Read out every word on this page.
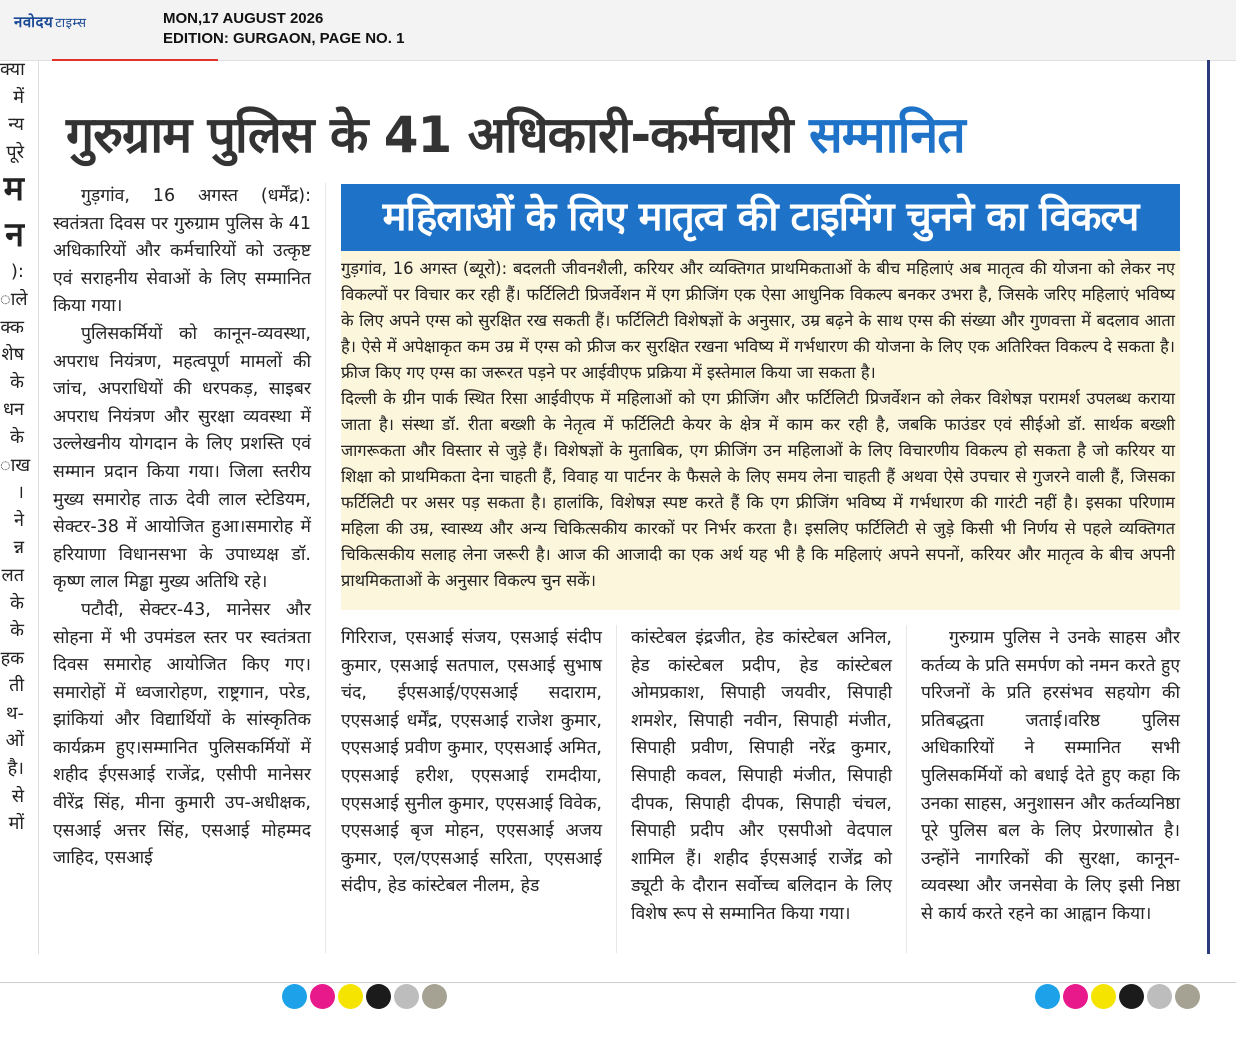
नवोदय टाइम्स	MON,17 AUGUST 2026
EDITION: GURGAON, PAGE NO. 1
क्या
में
न्य
पूरे
म
न
):
ाले
क्क
शेष
के
धन
के
ाख
।
ने
न्न
लत
के
के
हक
ती
थ-
ओं
है।
से
मों
गुरुग्राम पुलिस के 41 अधिकारी-कर्मचारी सम्मानित
महिलाओं के लिए मातृत्व की टाइमिंग चुनने का विकल्प

गुड़गांव, 16 अगस्त (ब्यूरो): बदलती जीवनशैली, करियर और व्यक्तिगत प्राथमिकताओं के बीच महिलाएं अब मातृत्व की योजना को लेकर नए विकल्पों पर विचार कर रही हैं। फर्टिलिटी प्रिजर्वेशन में एग फ्रीजिंग एक ऐसा आधुनिक विकल्प बनकर उभरा है, जिसके जरिए महिलाएं भविष्य के लिए अपने एग्स को सुरक्षित रख सकती हैं। फर्टिलिटी विशेषज्ञों के अनुसार, उम्र बढ़ने के साथ एग्स की संख्या और गुणवत्ता में बदलाव आता है। ऐसे में अपेक्षाकृत कम उम्र में एग्स को फ्रीज कर सुरक्षित रखना भविष्य में गर्भधारण की योजना के लिए एक अतिरिक्त विकल्प दे सकता है। फ्रीज किए गए एग्स का जरूरत पड़ने पर आईवीएफ प्रक्रिया में इस्तेमाल किया जा सकता है।

दिल्ली के ग्रीन पार्क स्थित रिसा आईवीएफ में महिलाओं को एग फ्रीजिंग और फर्टिलिटी प्रिजर्वेशन को लेकर विशेषज्ञ परामर्श उपलब्ध कराया जाता है। संस्था डॉ. रीता बख्शी के नेतृत्व में फर्टिलिटी केयर के क्षेत्र में काम कर रही है, जबकि फाउंडर एवं सीईओ डॉ. सार्थक बख्शी जागरूकता और विस्तार से जुड़े हैं। विशेषज्ञों के मुताबिक, एग फ्रीजिंग उन महिलाओं के लिए विचारणीय विकल्प हो सकता है जो करियर या शिक्षा को प्राथमिकता देना चाहती हैं, विवाह या पार्टनर के फैसले के लिए समय लेना चाहती हैं अथवा ऐसे उपचार से गुजरने वाली हैं, जिसका फर्टिलिटी पर असर पड़ सकता है। हालांकि, विशेषज्ञ स्पष्ट करते हैं कि एग फ्रीजिंग भविष्य में गर्भधारण की गारंटी नहीं है। इसका परिणाम महिला की उम्र, स्वास्थ्य और अन्य चिकित्सकीय कारकों पर निर्भर करता है। इसलिए फर्टिलिटी से जुड़े किसी भी निर्णय से पहले व्यक्तिगत चिकित्सकीय सलाह लेना जरूरी है। आज की आजादी का एक अर्थ यह भी है कि महिलाएं अपने सपनों, करियर और मातृत्व के बीच अपनी प्राथमिकताओं के अनुसार विकल्प चुन सकें।

गुड़गांव, 16 अगस्त (धर्मेंद्र): स्वतंत्रता दिवस पर गुरुग्राम पुलिस के 41 अधिकारियों और कर्मचारियों को उत्कृष्ट एवं सराहनीय सेवाओं के लिए सम्मानित किया गया।

पुलिसकर्मियों को कानून-व्यवस्था, अपराध नियंत्रण, महत्वपूर्ण मामलों की जांच, अपराधियों की धरपकड़, साइबर अपराध नियंत्रण और सुरक्षा व्यवस्था में उल्लेखनीय योगदान के लिए प्रशस्ति एवं सम्मान प्रदान किया गया। जिला स्तरीय मुख्य समारोह ताऊ देवी लाल स्टेडियम, सेक्टर-38 में आयोजित हुआ।समारोह में हरियाणा विधानसभा के उपाध्यक्ष डॉ. कृष्ण लाल मिड्ढा मुख्य अतिथि रहे।

पटौदी, सेक्टर-43, मानेसर और सोहना में भी उपमंडल स्तर पर स्वतंत्रता दिवस समारोह आयोजित किए गए। समारोहों में ध्वजारोहण, राष्ट्रगान, परेड, झांकियां और विद्यार्थियों के सांस्कृतिक कार्यक्रम हुए।सम्मानित पुलिसकर्मियों में शहीद ईएसआई राजेंद्र, एसीपी मानेसर वीरेंद्र सिंह, मीना कुमारी उप-अधीक्षक, एसआई अत्तर सिंह, एसआई मोहम्मद जाहिद, एसआई

गिरिराज, एसआई संजय, एसआई संदीप कुमार, एसआई सतपाल, एसआई सुभाष चंद, ईएसआई/एएसआई सदाराम, एएसआई धर्मेंद्र, एएसआई राजेश कुमार, एएसआई प्रवीण कुमार, एएसआई अमित, एएसआई हरीश, एएसआई रामदीया, एएसआई सुनील कुमार, एएसआई विवेक, एएसआई बृज मोहन, एएसआई अजय कुमार, एल/एएसआई सरिता, एएसआई संदीप, हेड कांस्टेबल नीलम, हेड

कांस्टेबल इंद्रजीत, हेड कांस्टेबल अनिल, हेड कांस्टेबल प्रदीप, हेड कांस्टेबल ओमप्रकाश, सिपाही जयवीर, सिपाही शमशेर, सिपाही नवीन, सिपाही मंजीत, सिपाही प्रवीण, सिपाही नरेंद्र कुमार, सिपाही कवल, सिपाही मंजीत, सिपाही दीपक, सिपाही दीपक, सिपाही चंचल, सिपाही प्रदीप और एसपीओ वेदपाल शामिल हैं। शहीद ईएसआई राजेंद्र को ड्यूटी के दौरान सर्वोच्च बलिदान के लिए विशेष रूप से सम्मानित किया गया।

गुरुग्राम पुलिस ने उनके साहस और कर्तव्य के प्रति समर्पण को नमन करते हुए परिजनों के प्रति हरसंभव सहयोग की प्रतिबद्धता जताई।वरिष्ठ पुलिस अधिकारियों ने सम्मानित सभी पुलिसकर्मियों को बधाई देते हुए कहा कि उनका साहस, अनुशासन और कर्तव्यनिष्ठा पूरे पुलिस बल के लिए प्रेरणास्रोत है। उन्होंने नागरिकों की सुरक्षा, कानून-व्यवस्था और जनसेवा के लिए इसी निष्ठा से कार्य करते रहने का आह्वान किया।
